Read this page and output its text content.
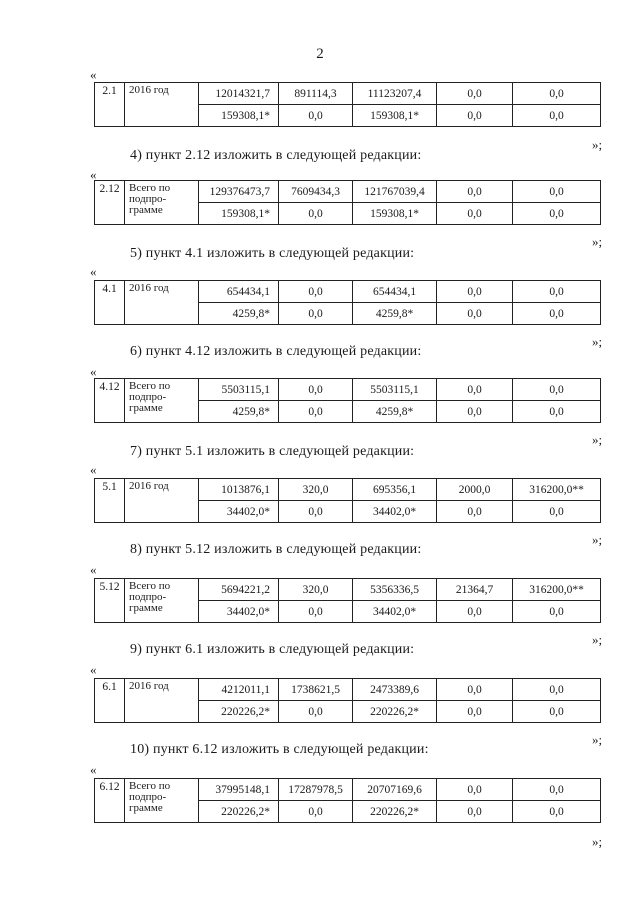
2
«
2.1	2016 год	12014321,7	891114,3	11123207,4	0,0	0,0
		159308,1*	0,0	159308,1*	0,0	0,0
»;
4) пункт 2.12 изложить в следующей редакции:
«
2.12	Всего по подпро-грамме	129376473,7	7609434,3	121767039,4	0,0	0,0
		159308,1*	0,0	159308,1*	0,0	0,0
»;
5) пункт 4.1 изложить в следующей редакции:
«
4.1	2016 год	654434,1	0,0	654434,1	0,0	0,0
		4259,8*	0,0	4259,8*	0,0	0,0
»;
6) пункт 4.12 изложить в следующей редакции:
«
4.12	Всего по подпро-грамме	5503115,1	0,0	5503115,1	0,0	0,0
		4259,8*	0,0	4259,8*	0,0	0,0
»;
7) пункт 5.1 изложить в следующей редакции:
«
5.1	2016 год	1013876,1	320,0	695356,1	2000,0	316200,0**
		34402,0*	0,0	34402,0*	0,0	0,0
»;
8) пункт 5.12 изложить в следующей редакции:
«
5.12	Всего по подпро-грамме	5694221,2	320,0	5356336,5	21364,7	316200,0**
		34402,0*	0,0	34402,0*	0,0	0,0
»;
9) пункт 6.1 изложить в следующей редакции:
«
6.1	2016 год	4212011,1	1738621,5	2473389,6	0,0	0,0
		220226,2*	0,0	220226,2*	0,0	0,0
»;
10) пункт 6.12 изложить в следующей редакции:
«
6.12	Всего по подпро-грамме	37995148,1	17287978,5	20707169,6	0,0	0,0
		220226,2*	0,0	220226,2*	0,0	0,0
»;
